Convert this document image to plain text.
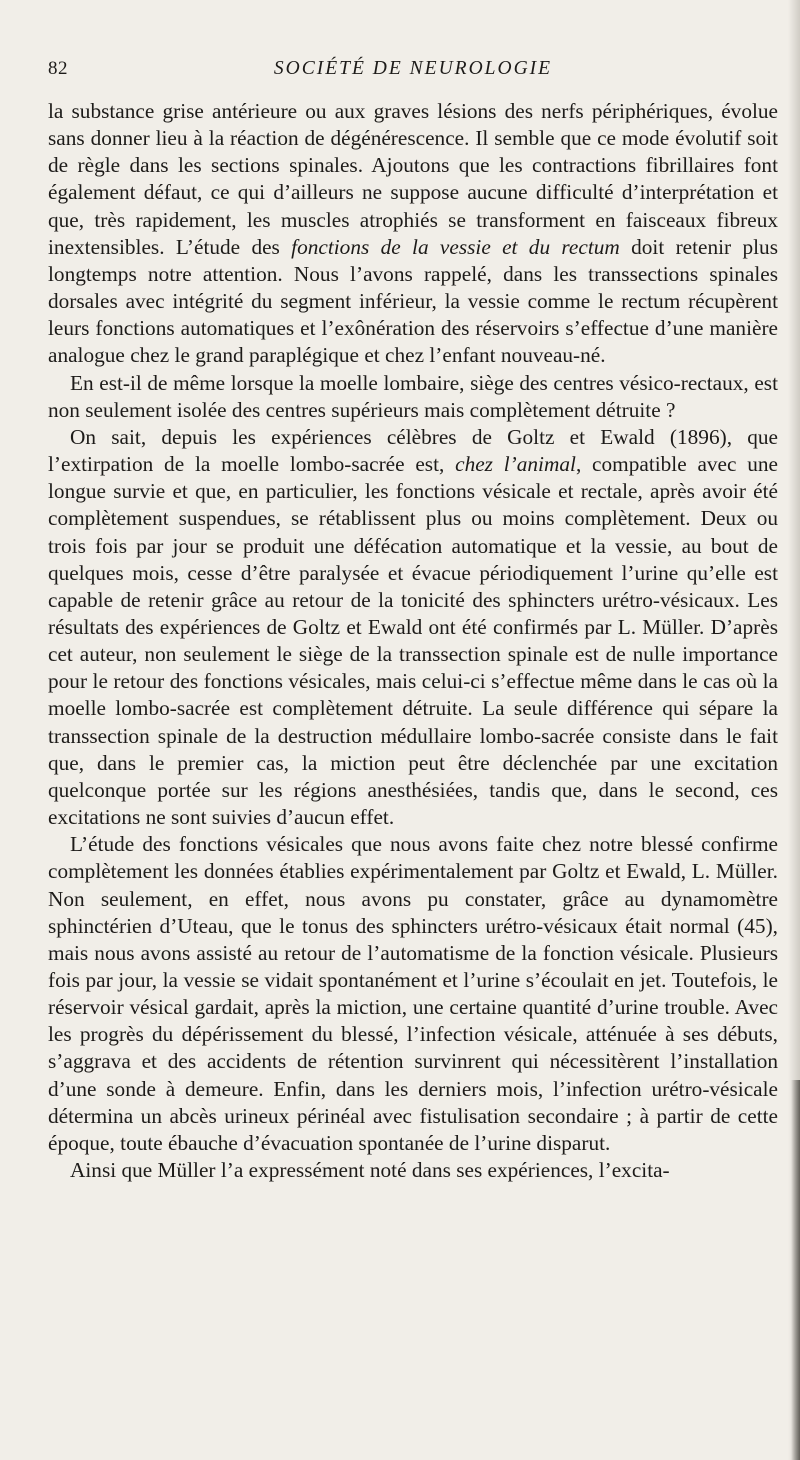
82	SOCIÉTÉ DE NEUROLOGIE

la substance grise antérieure ou aux graves lésions des nerfs périphériques, évolue sans donner lieu à la réaction de dégénérescence. Il semble que ce mode évolutif soit de règle dans les sections spinales. Ajoutons que les contractions fibrillaires font également défaut, ce qui d’ailleurs ne suppose aucune difficulté d’interprétation et que, très rapidement, les muscles atrophiés se transforment en faisceaux fibreux inextensibles. L’étude des fonctions de la vessie et du rectum doit retenir plus longtemps notre attention. Nous l’avons rappelé, dans les transsections spinales dorsales avec intégrité du segment inférieur, la vessie comme le rectum récupèrent leurs fonctions automatiques et l’exônération des réservoirs s’effectue d’une manière analogue chez le grand paraplégique et chez l’enfant nouveau-né.

En est-il de même lorsque la moelle lombaire, siège des centres vésico-rectaux, est non seulement isolée des centres supérieurs mais complètement détruite ?

On sait, depuis les expériences célèbres de Goltz et Ewald (1896), que l’extirpation de la moelle lombo-sacrée est, chez l’animal, compatible avec une longue survie et que, en particulier, les fonctions vésicale et rectale, après avoir été complètement suspendues, se rétablissent plus ou moins complètement. Deux ou trois fois par jour se produit une défécation automatique et la vessie, au bout de quelques mois, cesse d’être paralysée et évacue périodiquement l’urine qu’elle est capable de retenir grâce au retour de la tonicité des sphincters urétro-vésicaux. Les résultats des expériences de Goltz et Ewald ont été confirmés par L. Müller. D’après cet auteur, non seulement le siège de la transsection spinale est de nulle importance pour le retour des fonctions vésicales, mais celui-ci s’effectue même dans le cas où la moelle lombo-sacrée est complètement détruite. La seule différence qui sépare la transsection spinale de la destruction médullaire lombo-sacrée consiste dans le fait que, dans le premier cas, la miction peut être déclenchée par une excitation quelconque portée sur les régions anesthésiées, tandis que, dans le second, ces excitations ne sont suivies d’aucun effet.

L’étude des fonctions vésicales que nous avons faite chez notre blessé confirme complètement les données établies expérimentalement par Goltz et Ewald, L. Müller. Non seulement, en effet, nous avons pu constater, grâce au dynamomètre sphinctérien d’Uteau, que le tonus des sphincters urétro-vésicaux était normal (45), mais nous avons assisté au retour de l’automatisme de la fonction vésicale. Plusieurs fois par jour, la vessie se vidait spontanément et l’urine s’écoulait en jet. Toutefois, le réservoir vésical gardait, après la miction, une certaine quantité d’urine trouble. Avec les progrès du dépérissement du blessé, l’infection vésicale, atténuée à ses débuts, s’aggrava et des accidents de rétention survinrent qui nécessitèrent l’installation d’une sonde à demeure. Enfin, dans les derniers mois, l’infection urétro-vésicale détermina un abcès urineux périnéal avec fistulisation secondaire ; à partir de cette époque, toute ébauche d’évacuation spontanée de l’urine disparut.

Ainsi que Müller l’a expressément noté dans ses expériences, l’excita-
